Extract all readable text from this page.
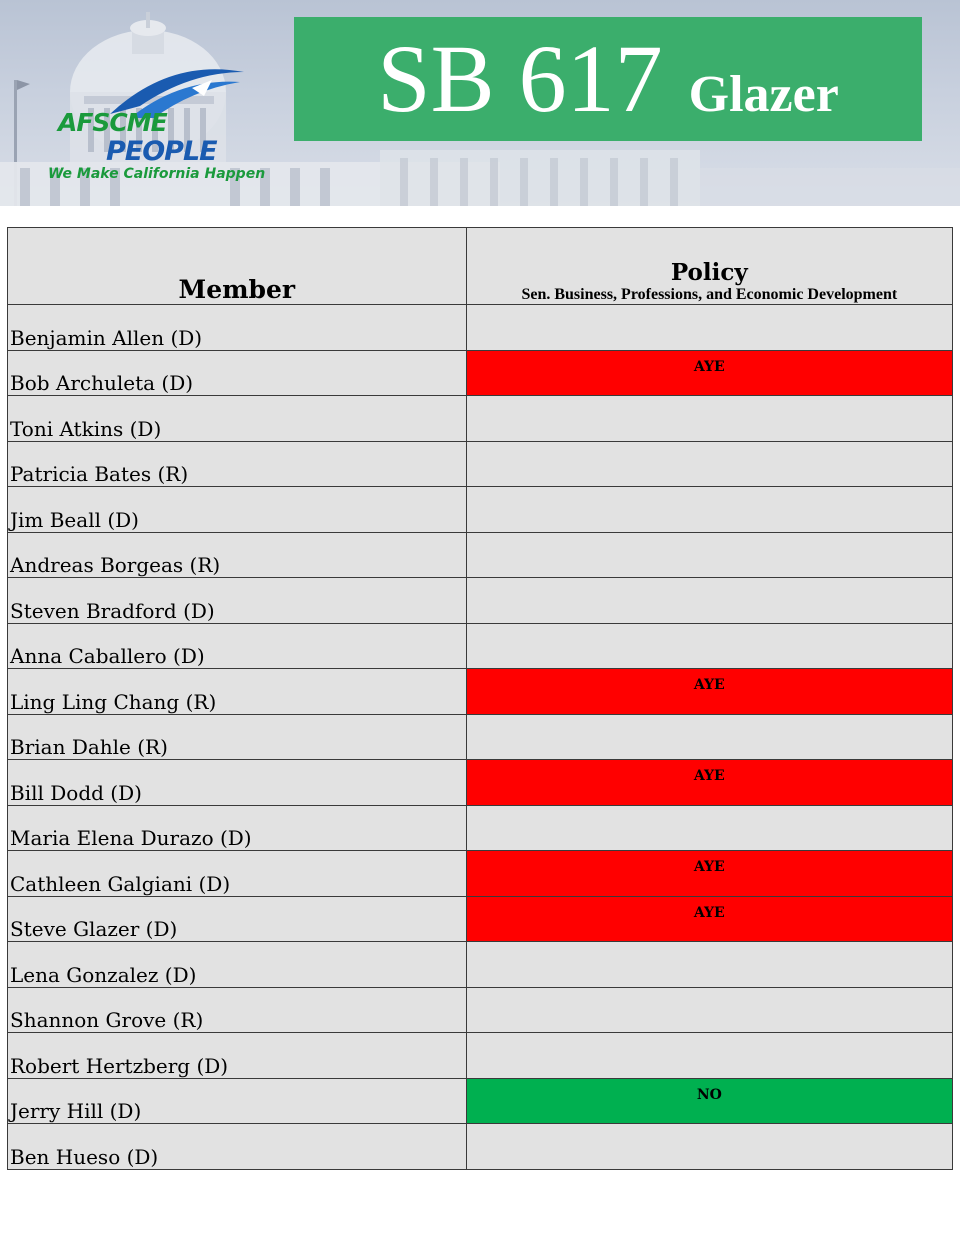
AFSCME
PEOPLE
We Make California Happen
SB 617 Glazer
Member	Policy
Sen. Business, Professions, and Economic Development

Benjamin Allen (D)	
Bob Archuleta (D)	AYE
Toni Atkins (D)	
Patricia Bates (R)	
Jim Beall (D)	
Andreas Borgeas (R)	
Steven Bradford (D)	
Anna Caballero (D)	
Ling Ling Chang (R)	AYE
Brian Dahle (R)	
Bill Dodd (D)	AYE
Maria Elena Durazo (D)	
Cathleen Galgiani (D)	AYE
Steve Glazer (D)	AYE
Lena Gonzalez (D)	
Shannon Grove (R)	
Robert Hertzberg (D)	
Jerry Hill (D)	NO
Ben Hueso (D)	
